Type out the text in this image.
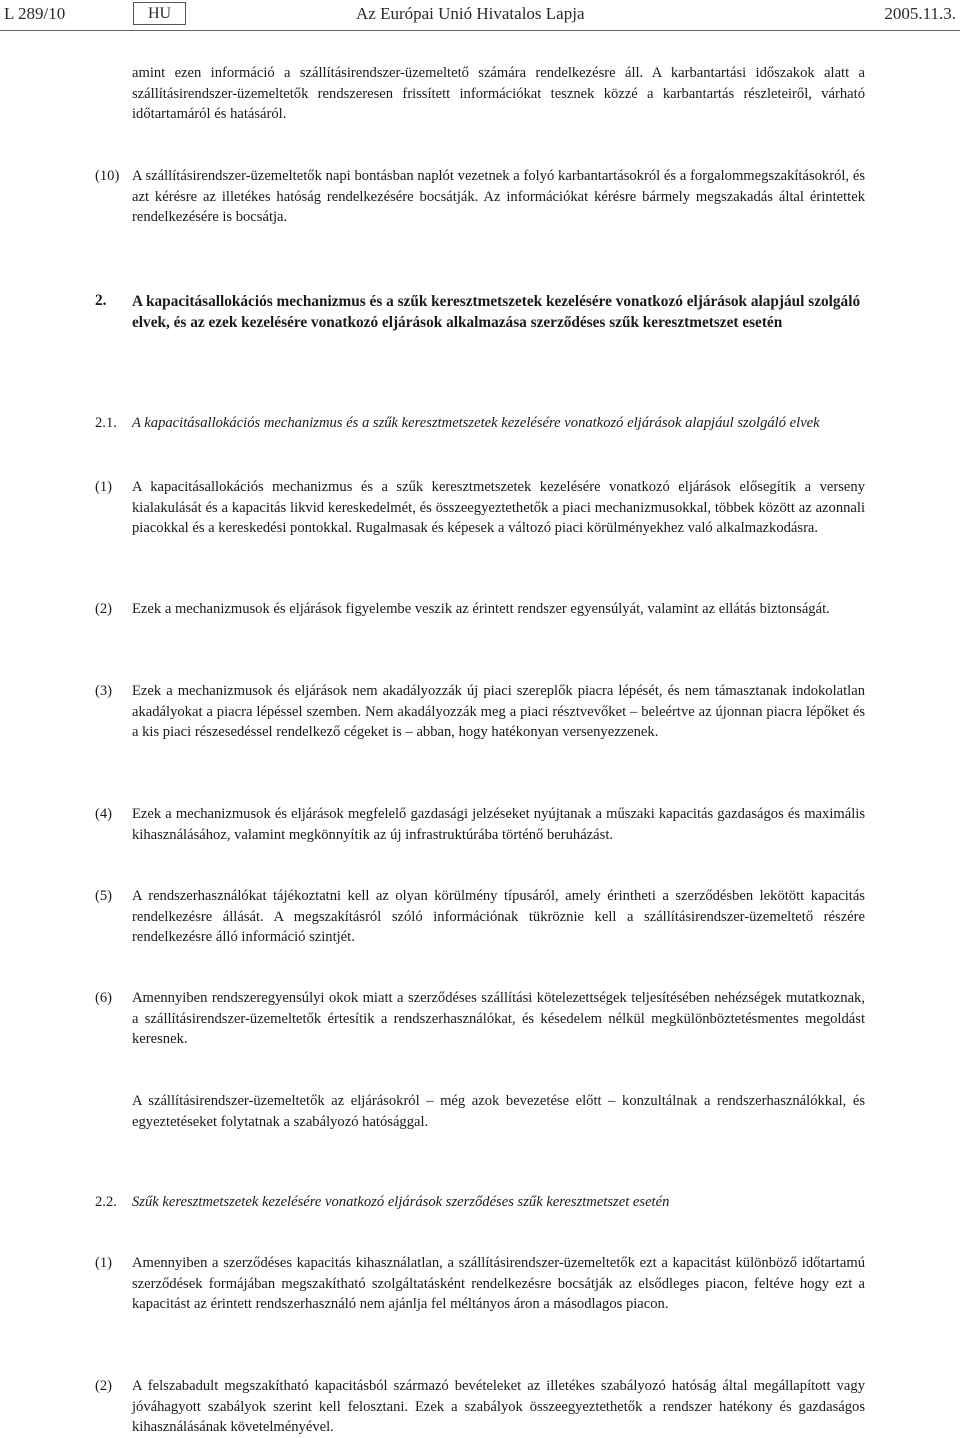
L 289/10	HU	Az Európai Unió Hivatalos Lapja	2005.11.3.
amint ezen információ a szállításirendszer-üzemeltető számára rendelkezésre áll. A karbantartási időszakok alatt a szállításirendszer-üzemeltetők rendszeresen frissített információkat tesznek közzé a karbantartás részleteiről, várható időtartamáról és hatásáról.
(10) A szállításirendszer-üzemeltetők napi bontásban naplót vezetnek a folyó karbantartásokról és a forgalommegszakításokról, és azt kérésre az illetékes hatóság rendelkezésére bocsátják. Az információkat kérésre bármely megszakadás által érintettek rendelkezésére is bocsátja.
2. A kapacitásallokációs mechanizmus és a szűk keresztmetszetek kezelésére vonatkozó eljárások alapjául szolgáló elvek, és az ezek kezelésére vonatkozó eljárások alkalmazása szerződéses szűk keresztmetszet esetén
2.1. A kapacitásallokációs mechanizmus és a szűk keresztmetszetek kezelésére vonatkozó eljárások alapjául szolgáló elvek
(1) A kapacitásallokációs mechanizmus és a szűk keresztmetszetek kezelésére vonatkozó eljárások elősegítik a verseny kialakulását és a kapacitás likvid kereskedelmét, és összeegyeztethetők a piaci mechanizmusokkal, többek között az azonnali piacokkal és a kereskedési pontokkal. Rugalmasak és képesek a változó piaci körülményekhez való alkalmazkodásra.
(2) Ezek a mechanizmusok és eljárások figyelembe veszik az érintett rendszer egyensúlyát, valamint az ellátás biztonságát.
(3) Ezek a mechanizmusok és eljárások nem akadályozzák új piaci szereplők piacra lépését, és nem támasztanak indokolatlan akadályokat a piacra lépéssel szemben. Nem akadályozzák meg a piaci résztvevőket – beleértve az újonnan piacra lépőket és a kis piaci részesedéssel rendelkező cégeket is – abban, hogy hatékonyan versenyezzenek.
(4) Ezek a mechanizmusok és eljárások megfelelő gazdasági jelzéseket nyújtanak a műszaki kapacitás gazdaságos és maximális kihasználásához, valamint megkönnyítik az új infrastruktúrába történő beruházást.
(5) A rendszerhasználókat tájékoztatni kell az olyan körülmény típusáról, amely érintheti a szerződésben lekötött kapacitás rendelkezésre állását. A megszakításról szóló információnak tükröznie kell a szállításirendszer-üzemeltető részére rendelkezésre álló információ szintjét.
(6) Amennyiben rendszeregyensúlyi okok miatt a szerződéses szállítási kötelezettségek teljesítésében nehézségek mutatkoznak, a szállításirendszer-üzemeltetők értesítik a rendszerhasználókat, és késedelem nélkül megkülönböztetésmentes megoldást keresnek.
A szállításirendszer-üzemeltetők az eljárásokról – még azok bevezetése előtt – konzultálnak a rendszerhasználókkal, és egyeztetéseket folytatnak a szabályozó hatósággal.
2.2. Szűk keresztmetszetek kezelésére vonatkozó eljárások szerződéses szűk keresztmetszet esetén
(1) Amennyiben a szerződéses kapacitás kihasználatlan, a szállításirendszer-üzemeltetők ezt a kapacitást különböző időtartamú szerződések formájában megszakítható szolgáltatásként rendelkezésre bocsátják az elsődleges piacon, feltéve hogy ezt a kapacitást az érintett rendszerhasználó nem ajánlja fel méltányos áron a másodlagos piacon.
(2) A felszabadult megszakítható kapacitásból származó bevételeket az illetékes szabályozó hatóság által megállapított vagy jóváhagyott szabályok szerint kell felosztani. Ezek a szabályok összeegyeztethetők a rendszer hatékony és gazdaságos kihasználásának követelményével.
